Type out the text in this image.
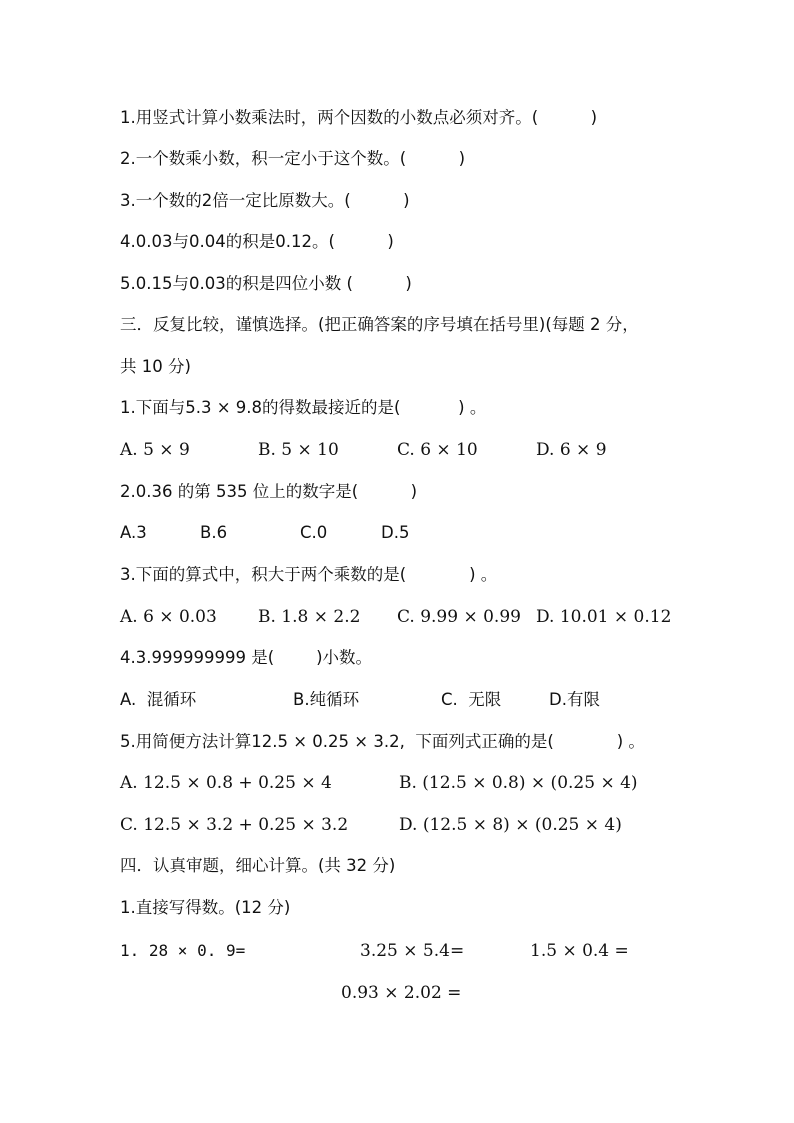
1.用竖式计算小数乘法时，两个因数的小数点必须对齐。(          )
2.一个数乘小数，积一定小于这个数。(          )
3.一个数的2倍一定比原数大。(          )
4.0.03与0.04的积是0.12。(          )
5.0.15与0.03的积是四位小数 (          )
三．反复比较，谨慎选择。(把正确答案的序号填在括号里)(每题 2 分，
共 10 分)
1.下面与5.3 × 9.8的得数最接近的是(           ) 。
A. 5 × 9	B. 5 × 10	C. 6 × 10	D. 6 × 9
2.0.36 的第 535 位上的数字是(          )
A.3	B.6	C.0	D.5
3.下面的算式中，积大于两个乘数的是(            ) 。
A. 6 × 0.03 B. 1.8 × 2.2 C. 9.99 × 0.99 D. 10.01 × 0.12
4.3.999999999 是(        )小数。
A.  混循环	B.纯循环	C.  无限	D.有限
5.用简便方法计算12.5 × 0.25 × 3.2,  下面列式正确的是(            ) 。
A. 12.5 × 0.8 + 0.25 × 4	B. (12.5 × 0.8) × (0.25 × 4)
C. 12.5 × 3.2 + 0.25 × 3.2	D. (12.5 × 8) × (0.25 × 4)
四．认真审题，细心计算。(共 32 分)
1.直接写得数。(12 分)
1. 28 × 0. 9=	3.25 × 5.4=	1.5 × 0.4 =
0.93 × 2.02 =
